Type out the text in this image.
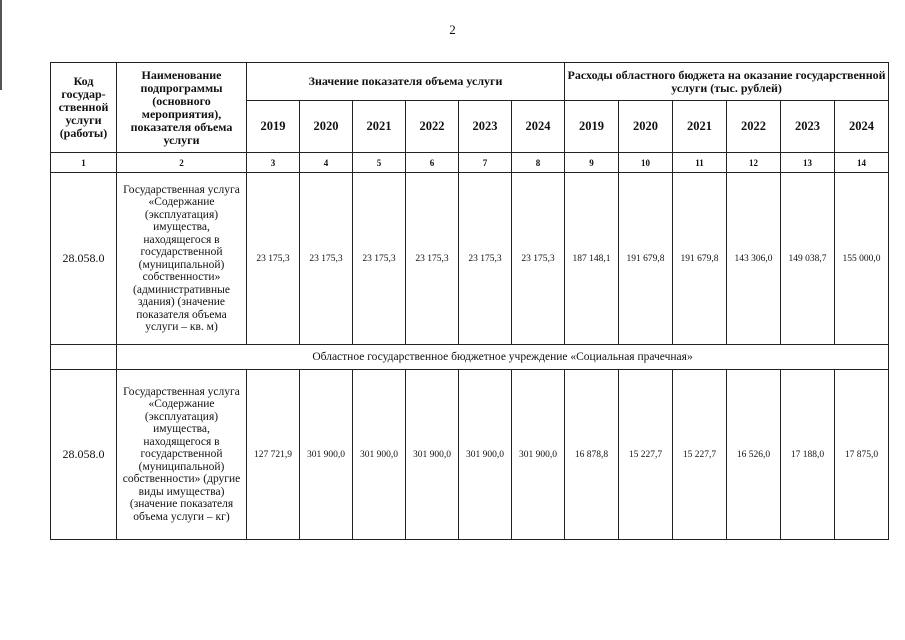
2
Код государ-ственной услуги (работы)	Наименование подпрограммы (основного мероприятия), показателя объема услуги	Значение показателя объема услуги						Расходы областного бюджета на оказание государственной услуги (тыс. рублей)					
		2019	2020	2021	2022	2023	2024	2019	2020	2021	2022	2023	2024
1	2	3	4	5	6	7	8	9	10	11	12	13	14
28.058.0	Государственная услуга «Содержание (эксплуатация) имущества, находящегося в государственной (муниципальной) собственности» (административные здания) (значение показателя объема услуги – кв. м)	23 175,3	23 175,3	23 175,3	23 175,3	23 175,3	23 175,3	187 148,1	191 679,8	191 679,8	143 306,0	149 038,7	155 000,0
	Областное государственное бюджетное учреждение «Социальная прачечная»												
28.058.0	Государственная услуга «Содержание (эксплуатация) имущества, находящегося в государственной (муниципальной) собственности» (другие виды имущества) (значение показателя объема услуги – кг)	127 721,9	301 900,0	301 900,0	301 900,0	301 900,0	301 900,0	16 878,8	15 227,7	15 227,7	16 526,0	17 188,0	17 875,0
